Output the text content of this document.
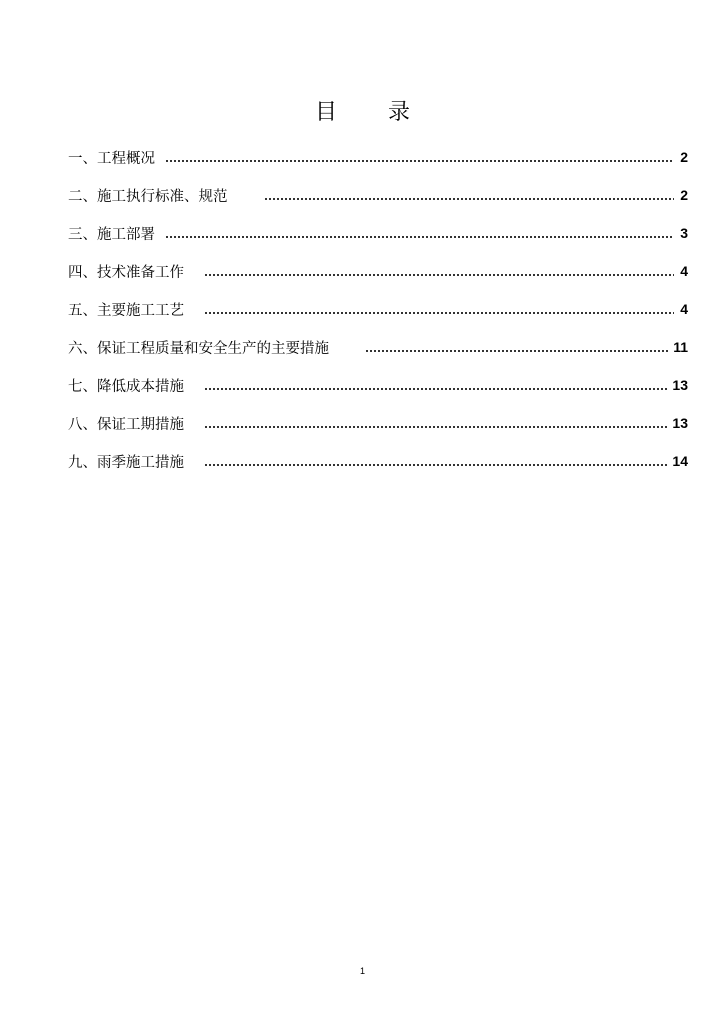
目 录
一、工程概况	2
二、施工执行标准、规范	2
三、施工部署	3
四、技术准备工作	4
五、主要施工工艺	4
六、保证工程质量和安全生产的主要措施	11
七、降低成本措施	13
八、保证工期措施	13
九、雨季施工措施	14
1
